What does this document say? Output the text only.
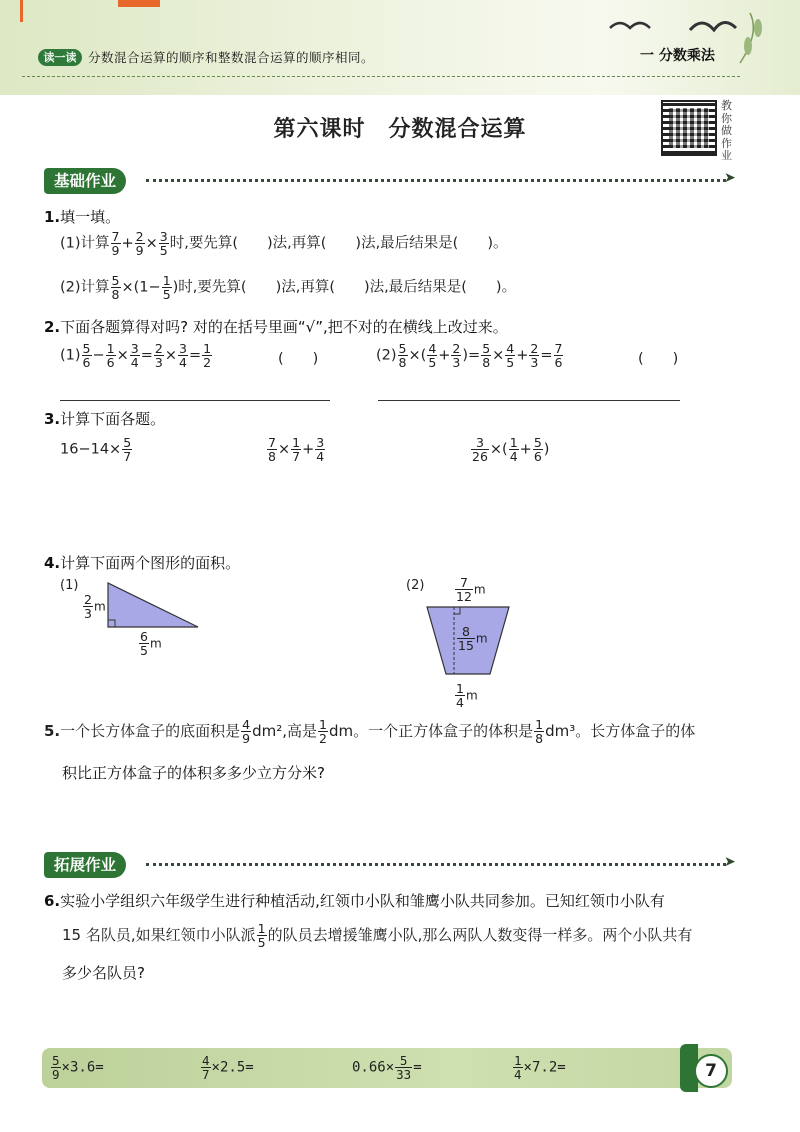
读一读 分数混合运算的顺序和整数混合运算的顺序相同。	一 分数乘法
第六课时　分数混合运算
教你做作业
基础作业	➤
1.填一填。
(1)计算 $\frac{7}{9} + \frac{2}{9} \times \frac{3}{5}$ 时,要先算(　　)法,再算(　　)法,最后结果是(　　)。
(2)计算 $\frac{5}{8} \times(1- \frac{1}{5}$ )时,要先算(　　)法,再算(　　)法,最后结果是(　　)。
2.下面各题算得对吗? 对的在括号里画“√”,把不对的在横线上改过来。
$(1) \frac{5}{6} - \frac{1}{6} \times \frac{3}{4} = \frac{2}{3} \times \frac{3}{4} = \frac{1}{2}$	(　　)	$(2) \frac{5}{8}$ ×( $\frac{4}{5} + \frac{2}{3}$ )= $\frac{5}{8} \times \frac{4}{5} + \frac{2}{3} = \frac{7}{6}$	(　　)
3.计算下面各题。
$16-14\times \frac{5}{7}$	$\frac{7}{8} \times \frac{1}{7} + \frac{3}{4}$	$\frac{3}{26}$ ×( $\frac{1}{4} + \frac{5}{6}$ )
4.计算下面两个图形的面积。
(1)
$\frac{2}{3}$ m
$\frac{6}{5}$ m
$(2) \frac{7}{12}$ m
$\frac{8}{15}$ m
$\frac{1}{4}$ m
5.一个长方体盒子的底面积是 $\frac{4}{9} dm^2$,高是 $\frac{1}{2}$ dm。一个正方体盒子的体积是 $\frac{1}{8} dm^3$。长方体盒子的体
积比正方体盒子的体积多多少立方分米?
拓展作业	➤
6.实验小学组织六年级学生进行种植活动,红领巾小队和雏鹰小队共同参加。已知红领巾小队有
15 名队员,如果红领巾小队派 $\frac{1}{5}$ 的队员去增援雏鹰小队,那么两队人数变得一样多。两个小队共有
多少名队员?
$\frac{5}{9} \times 3.6=$	$\frac{4}{7} \times 2.5=$	$0.66\times \frac{5}{33}$ =	$\frac{1}{4} \times 7.2=$	7
